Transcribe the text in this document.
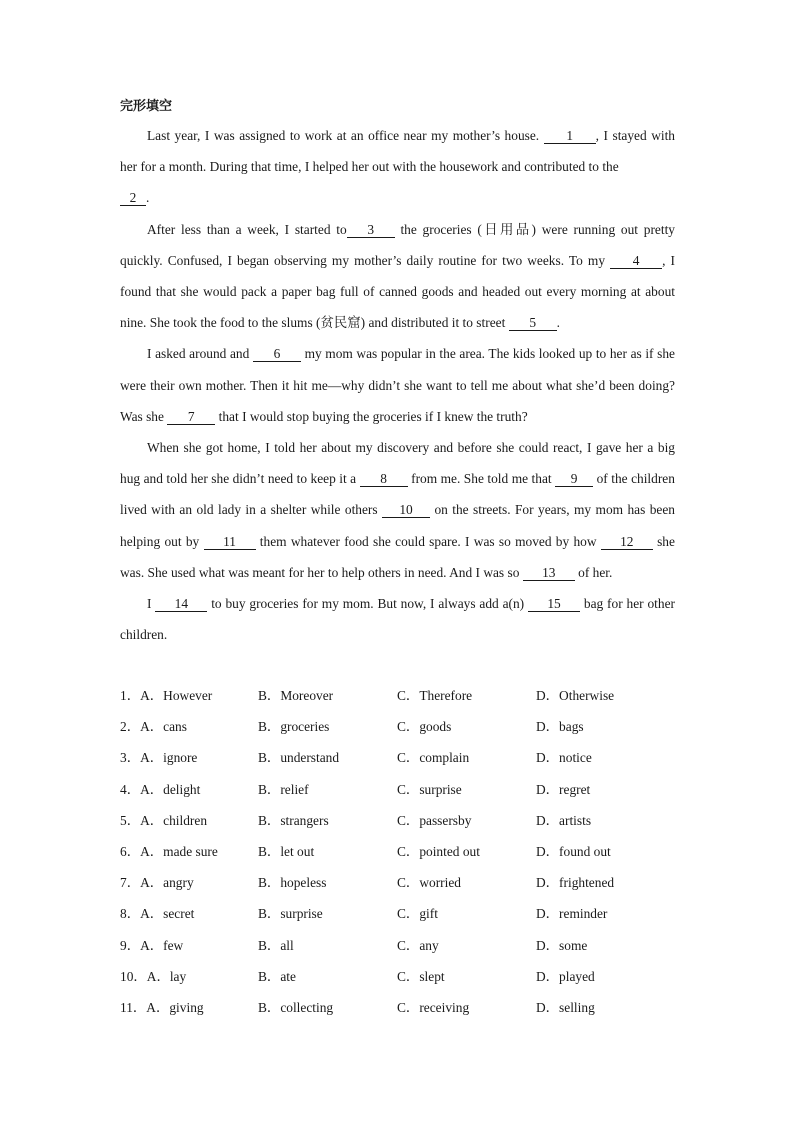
完形填空
Last year, I was assigned to work at an office near my mother’s house. 1 , I stayed with her for a month. During that time, I helped her out with the housework and contributed to the
2 .
After less than a week, I started to 3 the groceries (日用品) were running out pretty quickly. Confused, I began observing my mother’s daily routine for two weeks. To my 4 , I found that she would pack a paper bag full of canned goods and headed out every morning at about nine. She took the food to the slums (贫民窟) and distributed it to street 5 .
I asked around and 6 my mom was popular in the area. The kids looked up to her as if she were their own mother. Then it hit me—why didn’t she want to tell me about what she’d been doing? Was she 7 that I would stop buying the groceries if I knew the truth?
When she got home, I told her about my discovery and before she could react, I gave her a big hug and told her she didn’t need to keep it a 8 from me. She told me that 9 of the children lived with an old lady in a shelter while others 10 on the streets. For years, my mom has been helping out by 11 them whatever food she could spare. I was so moved by how 12 she was. She used what was meant for her to help others in need. And I was so 13 of her.
I 14 to buy groceries for my mom. But now, I always add a(n) 15 bag for her other children.
1．A．However	B．Moreover	C．Therefore	D．Otherwise
2．A．cans	B．groceries	C．goods	D．bags
3．A．ignore	B．understand	C．complain	D．notice
4．A．delight	B．relief	C．surprise	D．regret
5．A．children	B．strangers	C．passersby	D．artists
6．A．made sure	B．let out	C．pointed out	D．found out
7．A．angry	B．hopeless	C．worried	D．frightened
8．A．secret	B．surprise	C．gift	D．reminder
9．A．few	B．all	C．any	D．some
10．A．lay	B．ate	C．slept	D．played
11．A．giving	B．collecting	C．receiving	D．selling
